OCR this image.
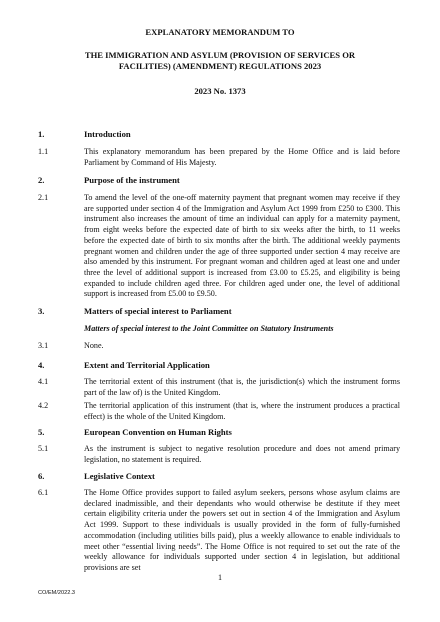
EXPLANATORY MEMORANDUM TO
THE IMMIGRATION AND ASYLUM (PROVISION OF SERVICES OR FACILITIES) (AMENDMENT) REGULATIONS 2023
2023 No. 1373
1.	Introduction
1.1	This explanatory memorandum has been prepared by the Home Office and is laid before Parliament by Command of His Majesty.
2.	Purpose of the instrument
2.1	To amend the level of the one-off maternity payment that pregnant women may receive if they are supported under section 4 of the Immigration and Asylum Act 1999 from £250 to £300. This instrument also increases the amount of time an individual can apply for a maternity payment, from eight weeks before the expected date of birth to six weeks after the birth, to 11 weeks before the expected date of birth to six months after the birth. The additional weekly payments pregnant women and children under the age of three supported under section 4 may receive are also amended by this instrument. For pregnant woman and children aged at least one and under three the level of additional support is increased from £3.00 to £5.25, and eligibility is being expanded to include children aged three. For children aged under one, the level of additional support is increased from £5.00 to £9.50.
3.	Matters of special interest to Parliament
Matters of special interest to the Joint Committee on Statutory Instruments
3.1	None.
4.	Extent and Territorial Application
4.1	The territorial extent of this instrument (that is, the jurisdiction(s) which the instrument forms part of the law of) is the United Kingdom.
4.2	The territorial application of this instrument (that is, where the instrument produces a practical effect) is the whole of the United Kingdom.
5.	European Convention on Human Rights
5.1	As the instrument is subject to negative resolution procedure and does not amend primary legislation, no statement is required.
6.	Legislative Context
6.1	The Home Office provides support to failed asylum seekers, persons whose asylum claims are declared inadmissible, and their dependants who would otherwise be destitute if they meet certain eligibility criteria under the powers set out in section 4 of the Immigration and Asylum Act 1999. Support to these individuals is usually provided in the form of fully-furnished accommodation (including utilities bills paid), plus a weekly allowance to enable individuals to meet other “essential living needs”. The Home Office is not required to set out the rate of the weekly allowance for individuals supported under section 4 in legislation, but additional provisions are set
1
CO/EM/2022.3
